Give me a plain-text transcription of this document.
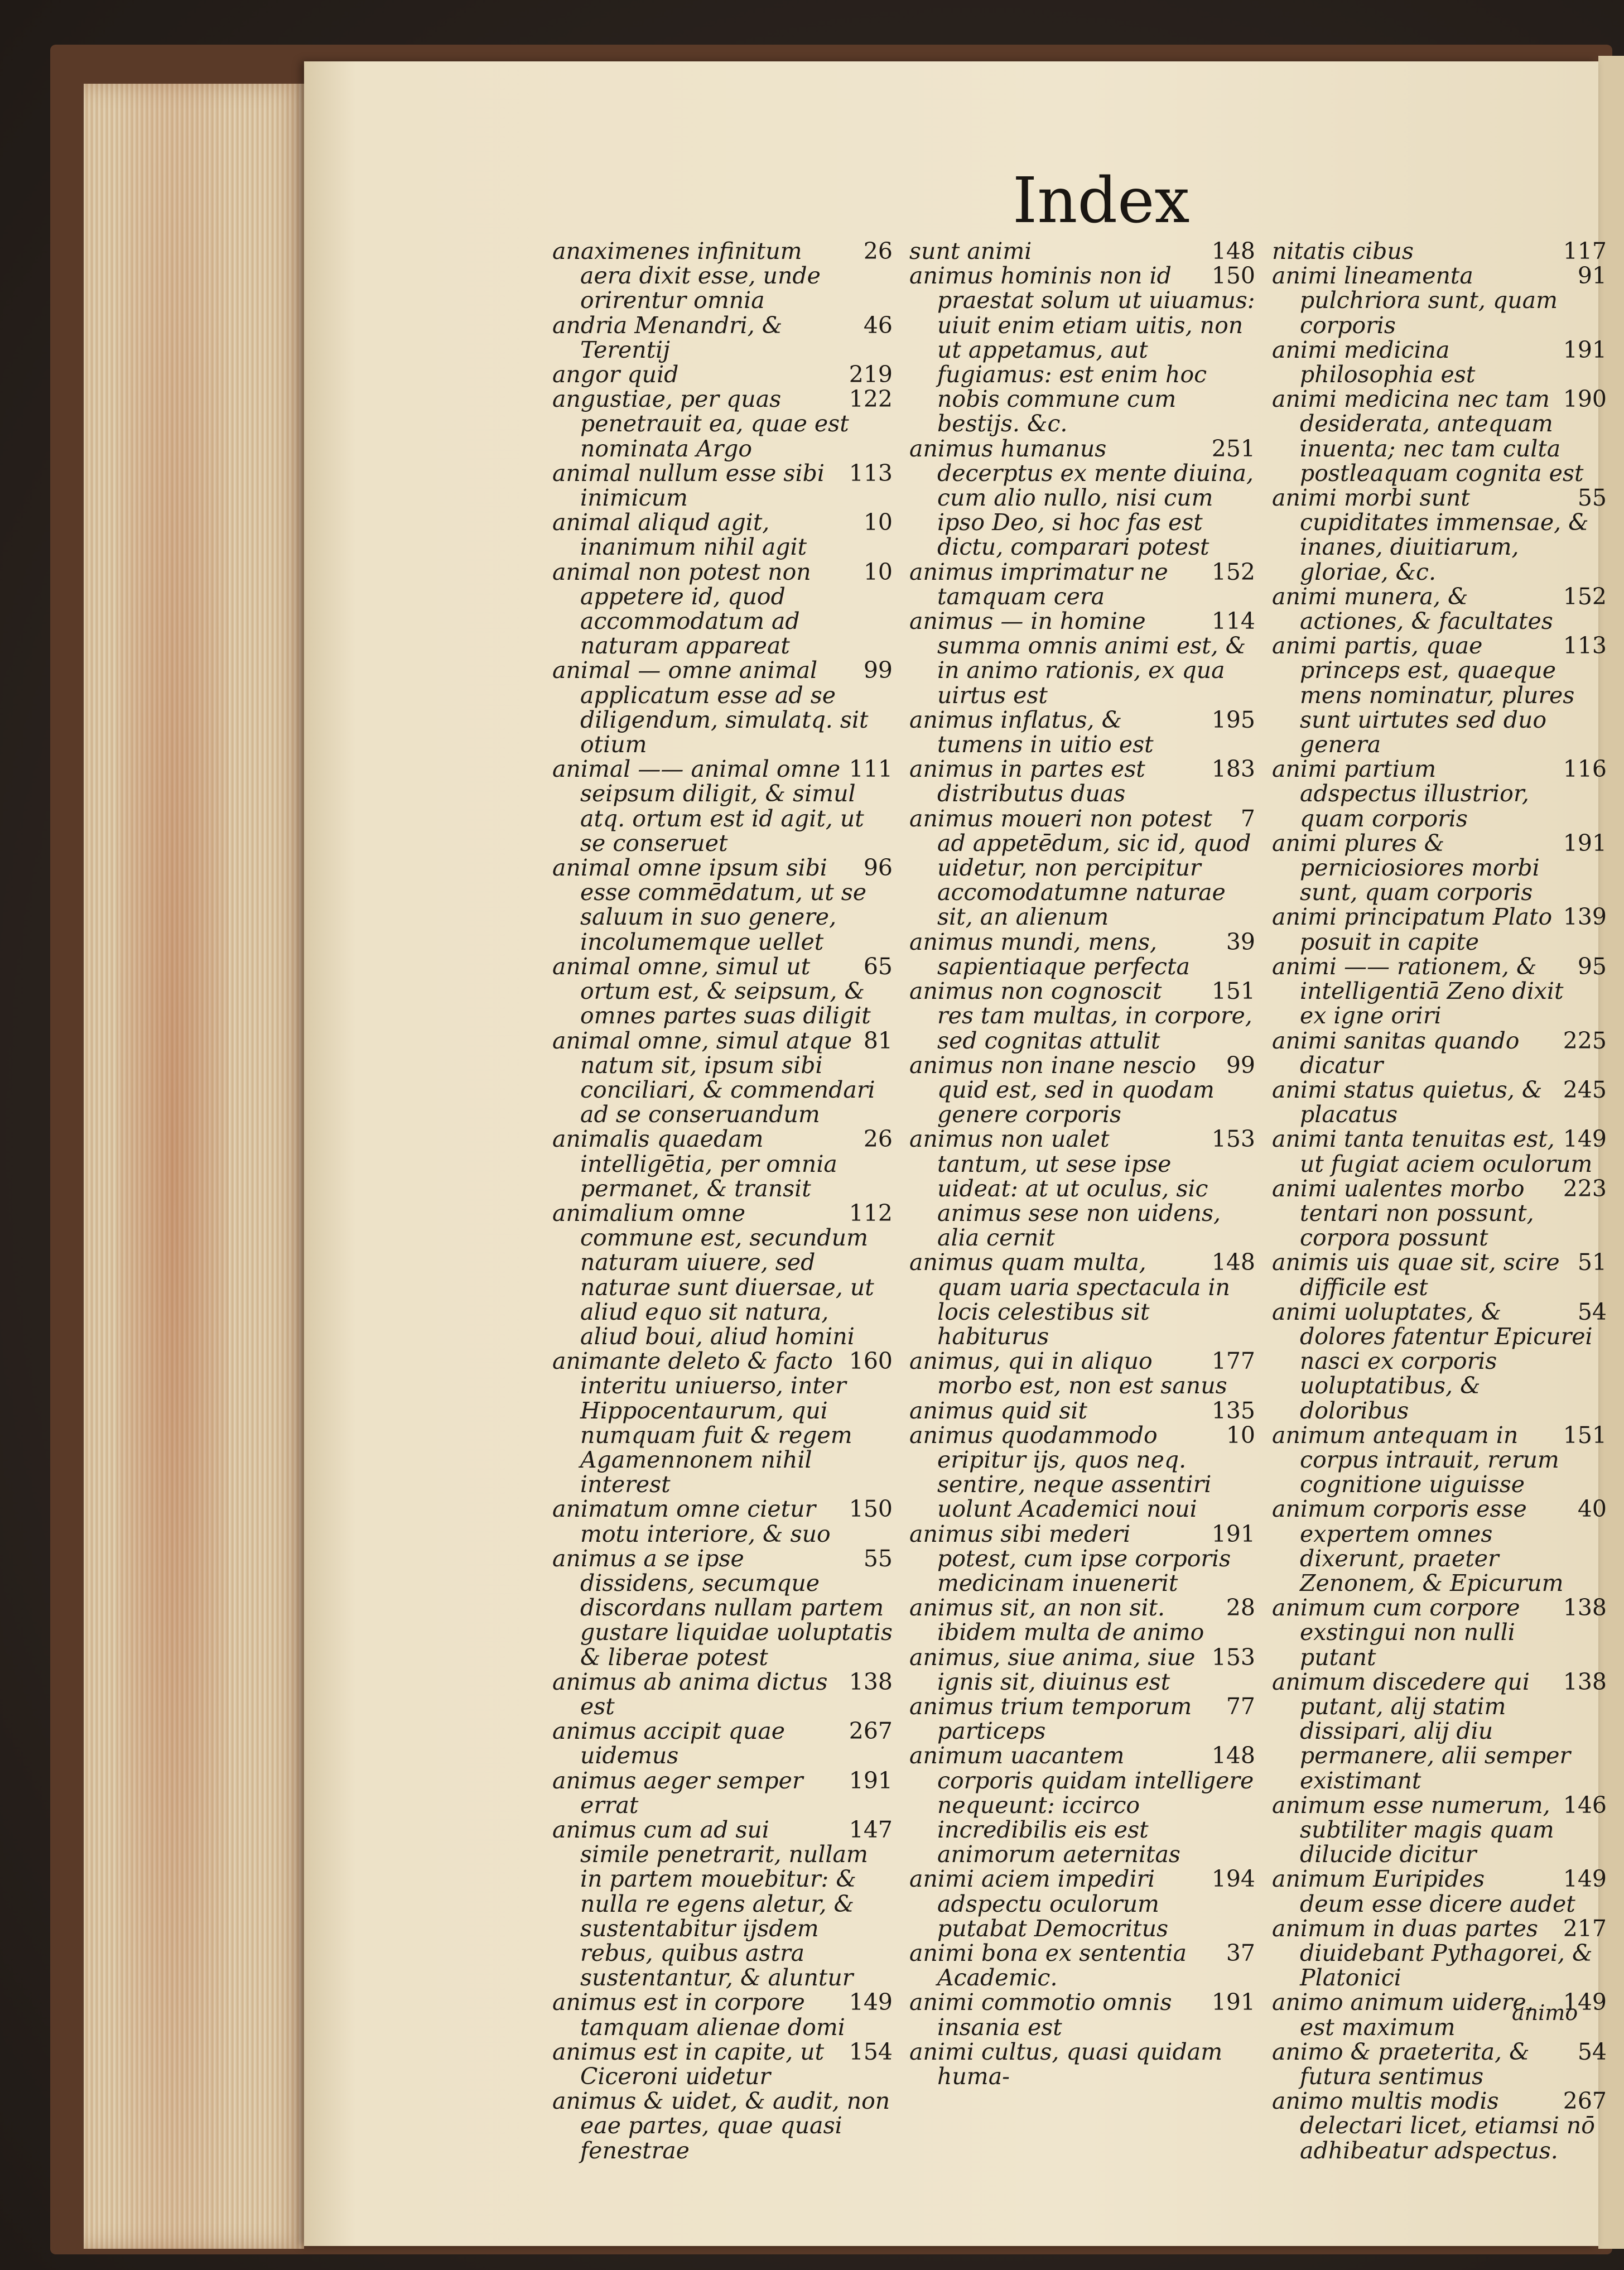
Index

26
anaximenes infinitum aera dixit esse, unde orirentur omnia

46
andria Menandri, & Terentij

219
angor quid

122
angustiae, per quas penetrauit ea, quae est nominata Argo

113
animal nullum esse sibi inimicum

10
animal aliqud agit, inanimum nihil agit

10
animal non potest non appetere id, quod accommodatum ad naturam appareat

99
animal — omne animal applicatum esse ad se diligendum, simulatq. sit otium

111
animal —— animal omne seipsum diligit, & simul atq. ortum est id agit, ut se conseruet

96
animal omne ipsum sibi esse commēdatum, ut se saluum in suo genere, incolumemque uellet

65
animal omne, simul ut ortum est, & seipsum, & omnes partes suas diligit

81
animal omne, simul atque natum sit, ipsum sibi conciliari, & commendari ad se conseruandum

26
animalis quaedam intelligētia, per omnia permanet, & transit

112
animalium omne commune est, secundum naturam uiuere, sed naturae sunt diuersae, ut aliud equo sit natura, aliud boui, aliud homini

160
animante deleto & facto interitu uniuerso, inter Hippocentaurum, qui numquam fuit & regem Agamennonem nihil interest

150
animatum omne cietur motu interiore, & suo

55
animus a se ipse dissidens, secumque discordans nullam partem gustare liquidae uoluptatis & liberae potest

138
animus ab anima dictus est

267
animus accipit quae uidemus

191
animus aeger semper errat

147
animus cum ad sui simile penetrarit, nullam in partem mouebitur: & nulla re egens aletur, & sustentabitur ijsdem rebus, quibus astra sustentantur, & aluntur

149
animus est in corpore tamquam alienae domi

154
animus est in capite, ut Ciceroni uidetur

animus & uidet, & audit, non eae partes, quae quasi fenestrae

148
sunt animi

150
animus hominis non id praestat solum ut uiuamus: uiuit enim etiam uitis, non ut appetamus, aut fugiamus: est enim hoc nobis commune cum bestijs. &c.

251
animus humanus decerptus ex mente diuina, cum alio nullo, nisi cum ipso Deo, si hoc fas est dictu, comparari potest

152
animus imprimatur ne tamquam cera

114
animus — in homine summa omnis animi est, & in animo rationis, ex qua uirtus est

195
animus inflatus, & tumens in uitio est

183
animus in partes est distributus duas

7
animus moueri non potest ad appetēdum, sic id, quod uidetur, non percipitur accomodatumne naturae sit, an alienum

39
animus mundi, mens, sapientiaque perfecta

151
animus non cognoscit res tam multas, in corpore, sed cognitas attulit

99
animus non inane nescio quid est, sed in quodam genere corporis

153
animus non ualet tantum, ut sese ipse uideat: at ut oculus, sic animus sese non uidens, alia cernit

148
animus quam multa, quam uaria spectacula in locis celestibus sit habiturus

177
animus, qui in aliquo morbo est, non est sanus

135
animus quid sit

10
animus quodammodo eripitur ijs, quos neq. sentire, neque assentiri uolunt Academici noui

191
animus sibi mederi potest, cum ipse corporis medicinam inuenerit

28
animus sit, an non sit. ibidem multa de animo

153
animus, siue anima, siue ignis sit, diuinus est

77
animus trium temporum particeps

148
animum uacantem corporis quidam intelligere nequeunt: iccirco incredibilis eis est animorum aeternitas

194
animi aciem impediri adspectu oculorum putabat Democritus

37
animi bona ex sententia Academic.

191
animi commotio omnis insania est

animi cultus, quasi quidam huma-

117
nitatis cibus

91
animi lineamenta pulchriora sunt, quam corporis

191
animi medicina philosophia est

190
animi medicina nec tam desiderata, antequam inuenta; nec tam culta postleaquam cognita est

55
animi morbi sunt cupiditates immensae, & inanes, diuitiarum, gloriae, &c.

152
animi munera, & actiones, & facultates

113
animi partis, quae princeps est, quaeque mens nominatur, plures sunt uirtutes sed duo genera

116
animi partium adspectus illustrior, quam corporis

191
animi plures & perniciosiores morbi sunt, quam corporis

139
animi principatum Plato posuit in capite

95
animi —— rationem, & intelligentiā Zeno dixit ex igne oriri

225
animi sanitas quando dicatur

245
animi status quietus, & placatus

149
animi tanta tenuitas est, ut fugiat aciem oculorum

223
animi ualentes morbo tentari non possunt, corpora possunt

51
animis uis quae sit, scire difficile est

54
animi uoluptates, & dolores fatentur Epicurei nasci ex corporis uoluptatibus, & doloribus

151
animum antequam in corpus intrauit, rerum cognitione uiguisse

40
animum corporis esse expertem omnes dixerunt, praeter Zenonem, & Epicurum

138
animum cum corpore exstingui non nulli putant

138
animum discedere qui putant, alij statim dissipari, alij diu permanere, alii semper existimant

146
animum esse numerum, subtiliter magis quam dilucide dicitur

149
animum Euripides deum esse dicere audet

217
animum in duas partes diuidebant Pythagorei, & Platonici

149
animo animum uidere, est maximum

54
animo & praeterita, & futura sentimus

267
animo multis modis delectari licet, etiamsi nō adhibeatur adspectus.

animo
